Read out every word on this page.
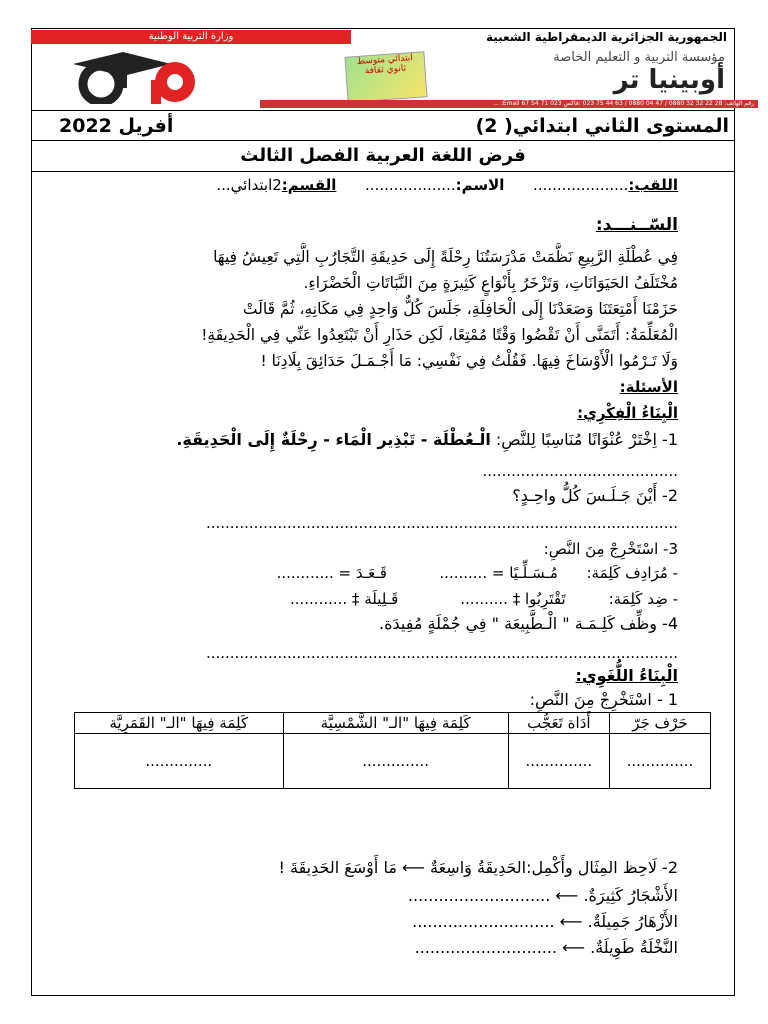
وزارة التربية الوطنية	الجمهورية الجزائرية الديمقراطية الشعبية
ابتدائي متوسط ثانوي ثقافة
مؤسسة التربية و التعليم الخاصة
أوبينيا تر
رقم الهاتف: 28 22 32 32 0880 / 47 04 0880 / 63 44 75 023 :فاكس 023 71 54 67 Email: ...
المستوى الثاني ابتدائي( 2)
أفريل 2022
فرض اللغة العربية الفصل الثالث
اللقب:....................      الاسم:...................      القسم:2ابتدائي...
السّــنـــد:
فِي عُطْلَةِ الرَّبِيعِ نَظَّمَتْ مَدْرَسَتُنَا رِحْلَةً إِلَى حَدِيقَةِ التَّجَارُبِ الَّتِي تَعِيشُ فِيهَا
مُخْتَلَفُ الحَيَوَانَاتِ، وَتَزْخَرُ بِأَنْوَاعٍ كَثِيرَةٍ مِنَ النَّبَاتَاتِ الْخَضْرَاءِ.
حَزَمْنَا أَمْتِعَتَنَا وَصَعَدْنَا إِلَى الْحَافِلَةِ، جَلَسَ كُلٌّ وَاحِدٍ فِي مَكَانِهِ، ثُمَّ قَالَتْ
الْمُعَلِّمَةُ: أَتَمَنَّى أَنْ تَقْضُوا وَقْتًا مُمْتِعًا، لَكِن حَذَارِ أَنْ تَبْتَعِدُوا عَنِّي فِي الْحَدِيقَةِ!
وَلَا تَـرْمُوا الْأَوْسَاخَ فِيهَا. فَقُلْتُ فِي نَفْسِي: مَا أَجْـمَـلَ حَدَائِقَ بِلَادِنَا !
الأسئلة:
الْبِنَاءُ الْفِكْرِي:
1- اِخْتَرْ عُنْوَانًا مُنَاسِبًا لِلنَّصِ: الْـعُطْلَة - تَبْذِير الْمَاء - رِحْلَةٌ إِلَى الْحَدِيقَةِ.
.........................................
2- أَيْنَ جَـلَـسَ كُلُّ واحِـدٍ؟
...................................................................................................
3- اسْتَخْرِجْ مِنَ النَّصِ:
- مُرَادِف كَلِمَة:      مُـسَـلِّـيًا = ..........           قَـعَـدَ = ............
- ضِد كَلِمَة:         تَقْتَرِبُوا ‡ ..........             قَـلِيلَة ‡ ............
4- وظِّف كَلِـمَـة " الْـطَّبِيعَة " فِي جُمْلَةٍ مُفِيدَة.
...................................................................................................
الْبِنَاءُ اللُّغَوِي:
1 - اسْتَخْرِجْ مِنَ النَّصِ:
حَرْف جَرّ	أَدَاة تَعَجُّب	كَلِمَة فِيهَا "الـ" الشَّمْسِيَّة	كَلِمَة فِيهَا "الـ" القَمَرِيَّة
..............	..............	..............	..............
2- لَاحِظ المِثَال وأَكْمِل:الحَدِيقَةُ وَاسِعَةٌ ⟵ مَا أَوْسَعَ الحَدِيقَةَ !
الأَشْجَارُ كَثِيرَةٌ. ⟵ ............................
الأَزْهَارُ جَمِيلَةٌ. ⟵ ............................
النَّخْلَةُ طَوِيلَةٌ. ⟵ ............................
